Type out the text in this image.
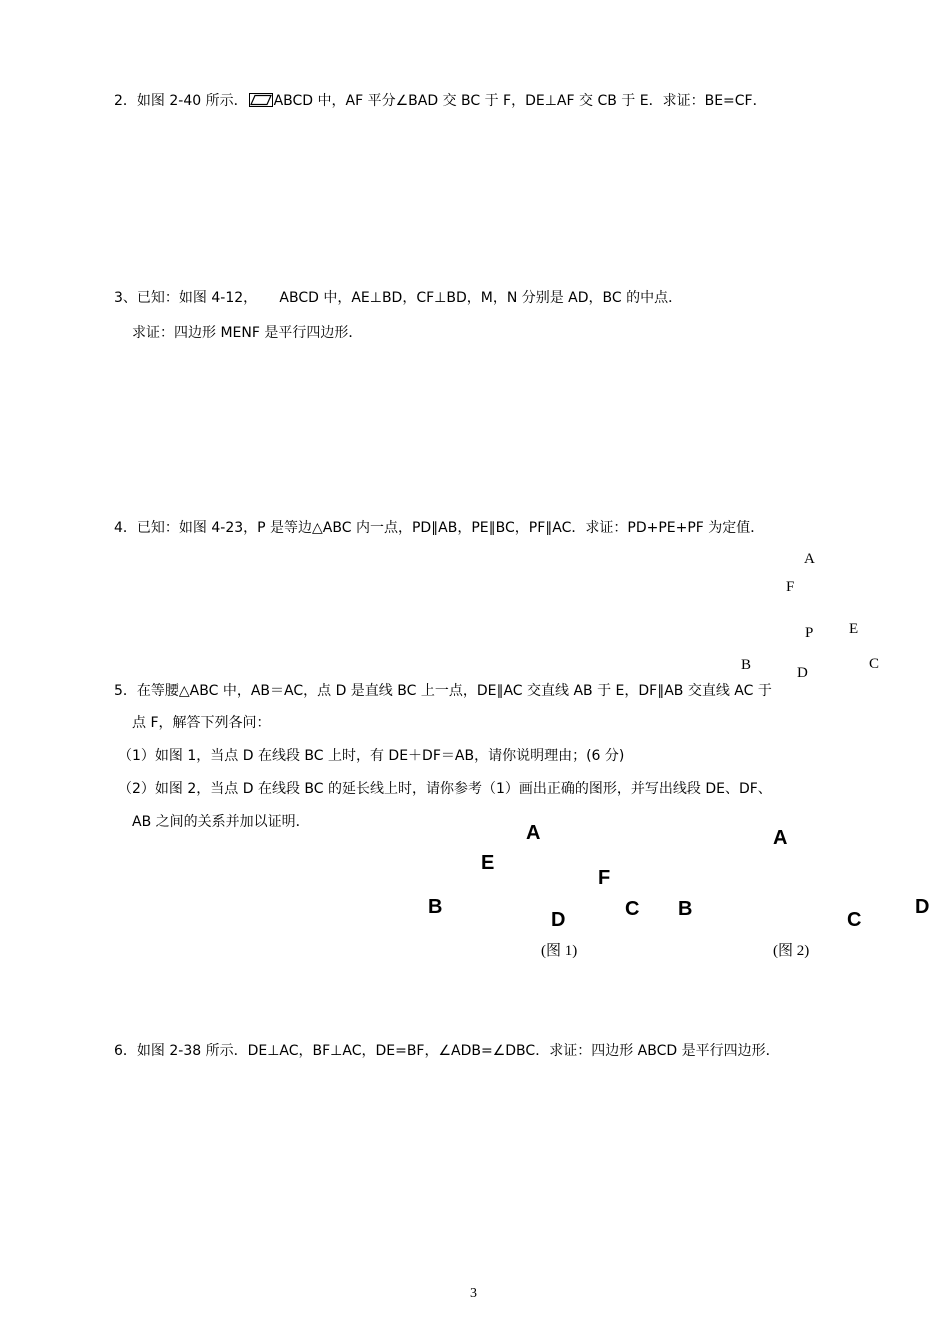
2．如图 2-40 所示． ABCD 中，AF 平分∠BAD 交 BC 于 F，DE⊥AF 交 CB 于 E．求证：BE=CF．
3、已知：如图 4-12，     ABCD 中，AE⊥BD，CF⊥BD，M，N 分别是 AD，BC 的中点．
求证：四边形 MENF 是平行四边形．
4．已知：如图 4-23，P 是等边△ABC 内一点，PD∥AB，PE∥BC，PF∥AC．求证：PD+PE+PF 为定值．
A
F
P E
B	D
C
5．在等腰△ABC 中，AB＝AC，点 D 是直线 BC 上一点，DE∥AC 交直线 AB 于 E，DF∥AB 交直线 AC 于
点 F，解答下列各问：
（1）如图 1，当点 D 在线段 BC 上时，有 DE＋DF＝AB，请你说明理由；(6 分)
（2）如图 2，当点 D 在线段 BC 的延长线上时，请你参考（1）画出正确的图形，并写出线段 DE、DF、
AB 之间的关系并加以证明．	A
E
F
B	C
D
(图 1)
A
B	C
D
(图 2)
6．如图 2-38 所示．DE⊥AC，BF⊥AC，DE=BF，∠ADB=∠DBC．求证：四边形 ABCD 是平行四边形．
3
